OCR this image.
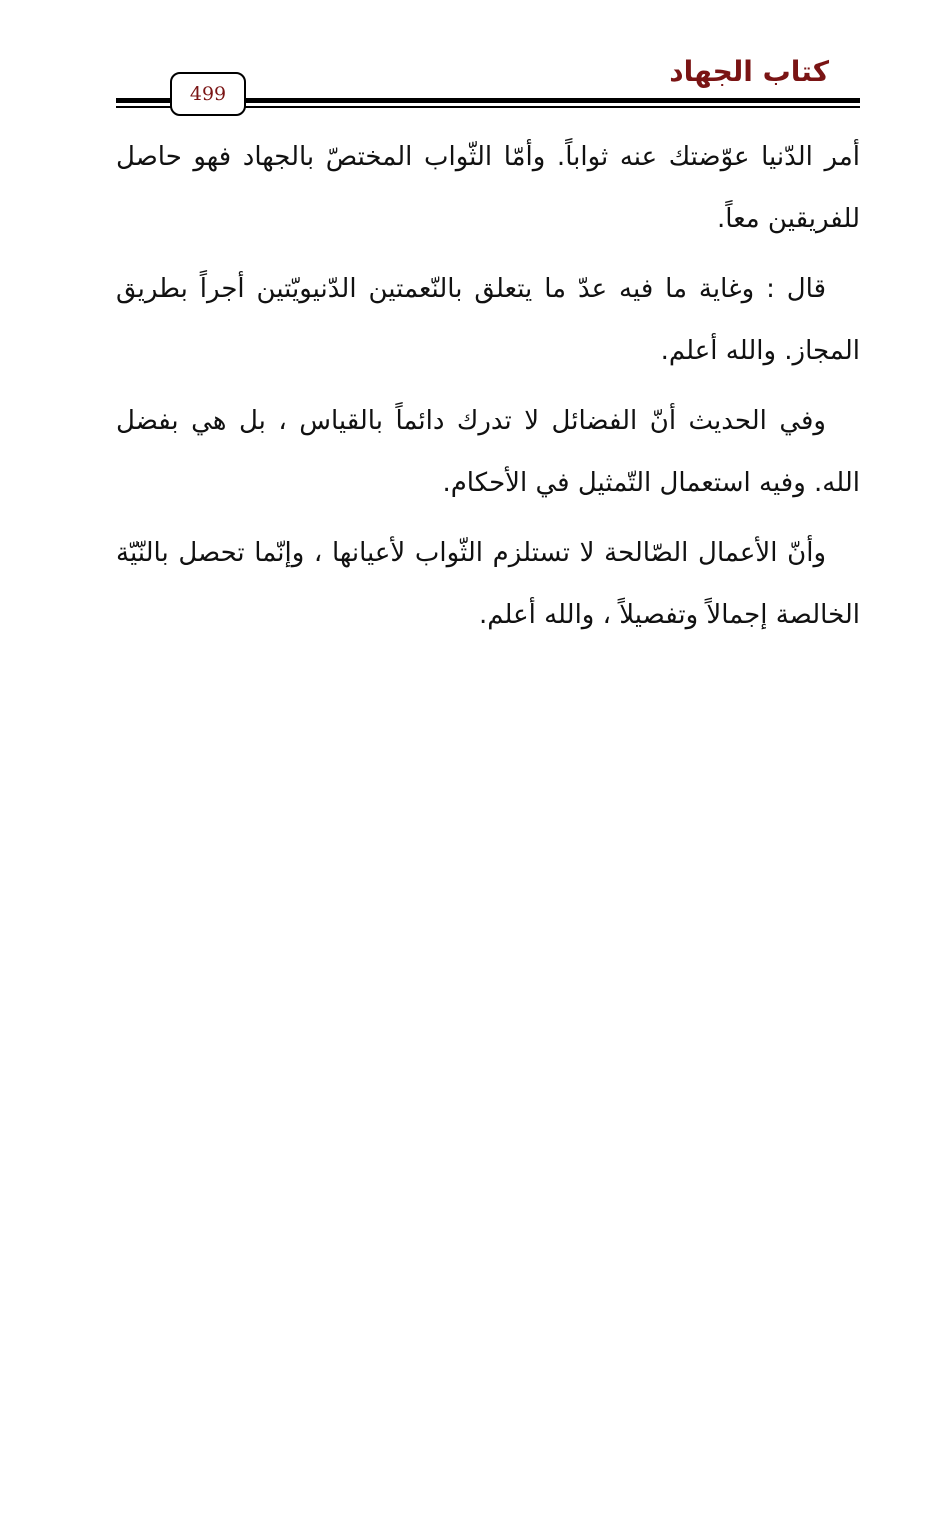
كتاب الجهاد
499

أمر الدّنيا عوّضتك عنه ثواباً. وأمّا الثّواب المختصّ بالجهاد فهو حاصل للفريقين معاً.

قال : وغاية ما فيه عدّ ما يتعلق بالنّعمتين الدّنيويّتين أجراً بطريق المجاز. والله أعلم.

وفي الحديث أنّ الفضائل لا تدرك دائماً بالقياس ، بل هي بفضل الله. وفيه استعمال التّمثيل في الأحكام.

وأنّ الأعمال الصّالحة لا تستلزم الثّواب لأعيانها ، وإنّما تحصل بالنّيّة الخالصة إجمالاً وتفصيلاً ، والله أعلم.
